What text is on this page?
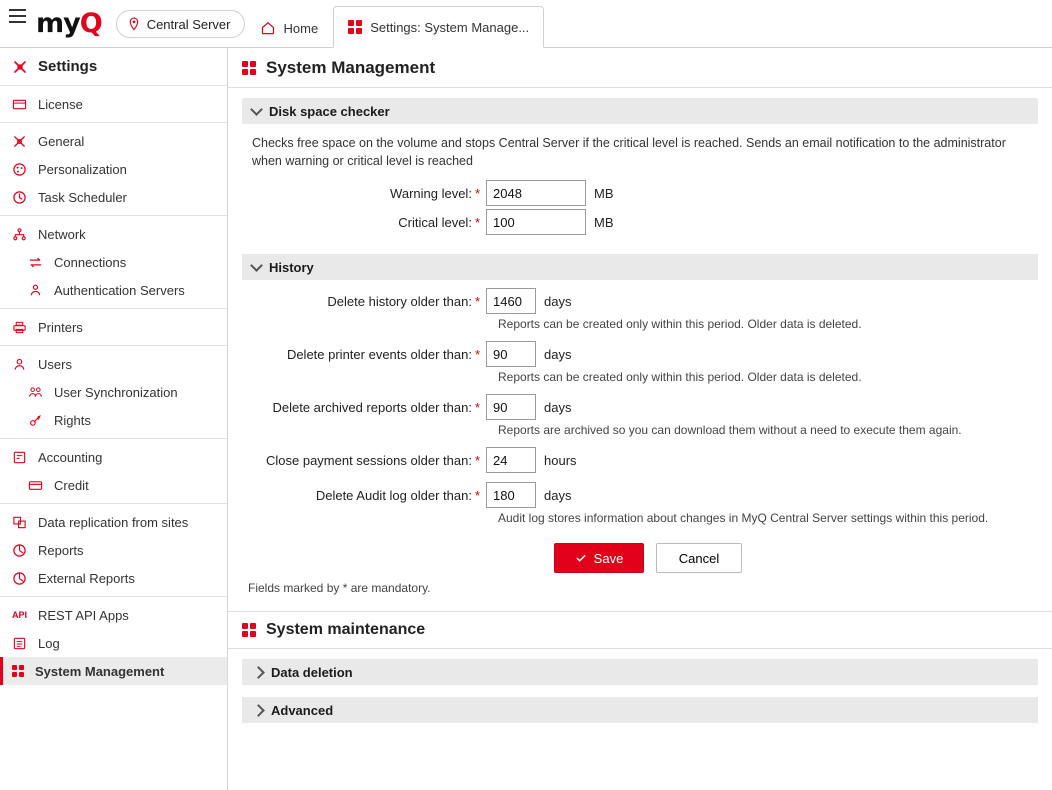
myQ	Central Server	Home	Settings: System Manage...
Settings
License
General
Personalization
Task Scheduler
Network
Connections
Authentication Servers
Printers
Users
User Synchronization
Rights
Accounting
Credit
Data replication from sites
Reports
External Reports
API REST API Apps
Log
System Management
System Management
Disk space checker
Checks free space on the volume and stops Central Server if the critical level is reached. Sends an email notification to the administrator when warning or critical level is reached
Warning level: *
2048	MB
Critical level: *
100	MB
History
Delete history older than: *
1460	days
Reports can be created only within this period. Older data is deleted.
Delete printer events older than: *
90	days
Reports can be created only within this period. Older data is deleted.
Delete archived reports older than: *
90	days
Reports are archived so you can download them without a need to execute them again.
Close payment sessions older than: *
24	hours
Delete Audit log older than: *
180	days
Audit log stores information about changes in MyQ Central Server settings within this period.
Save	Cancel
Fields marked by * are mandatory.
System maintenance
Data deletion
Advanced
